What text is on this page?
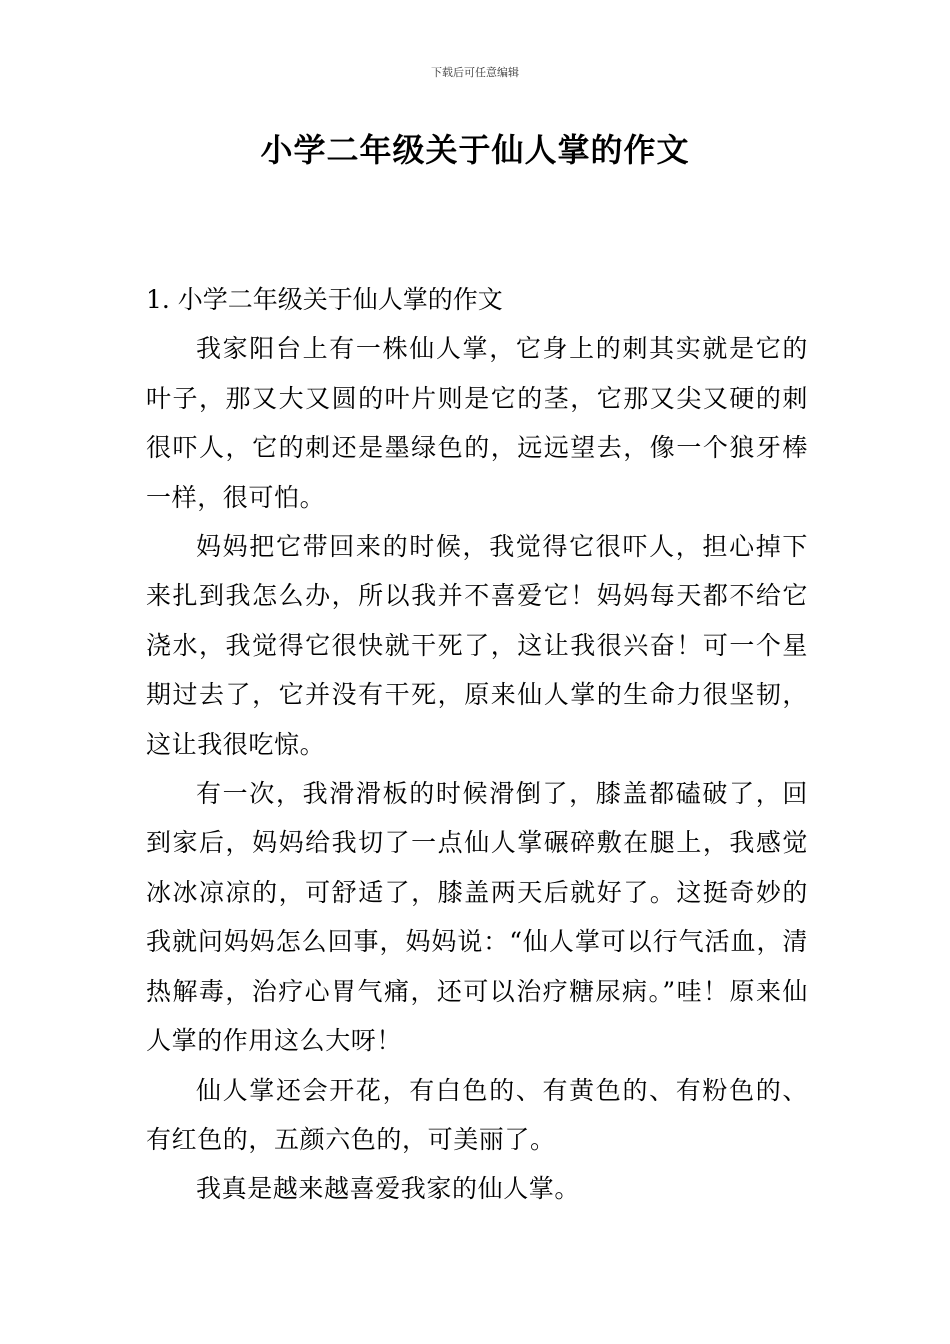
下载后可任意编辑
小学二年级关于仙人掌的作文

1. 小学二年级关于仙人掌的作文

我家阳台上有一株仙人掌，它身上的刺其实就是它的叶子，那又大又圆的叶片则是它的茎，它那又尖又硬的刺很吓人，它的刺还是墨绿色的，远远望去，像一个狼牙棒一样，很可怕。

妈妈把它带回来的时候，我觉得它很吓人，担心掉下来扎到我怎么办，所以我并不喜爱它！妈妈每天都不给它浇水，我觉得它很快就干死了，这让我很兴奋！可一个星期过去了，它并没有干死，原来仙人掌的生命力很坚韧，这让我很吃惊。

有一次，我滑滑板的时候滑倒了，膝盖都磕破了，回到家后，妈妈给我切了一点仙人掌碾碎敷在腿上，我感觉冰冰凉凉的，可舒适了，膝盖两天后就好了。这挺奇妙的我就问妈妈怎么回事，妈妈说：“仙人掌可以行气活血，清热解毒，治疗心胃气痛，还可以治疗糖尿病。”哇！原来仙人掌的作用这么大呀！

仙人掌还会开花，有白色的、有黄色的、有粉色的、有红色的，五颜六色的，可美丽了。

我真是越来越喜爱我家的仙人掌。
